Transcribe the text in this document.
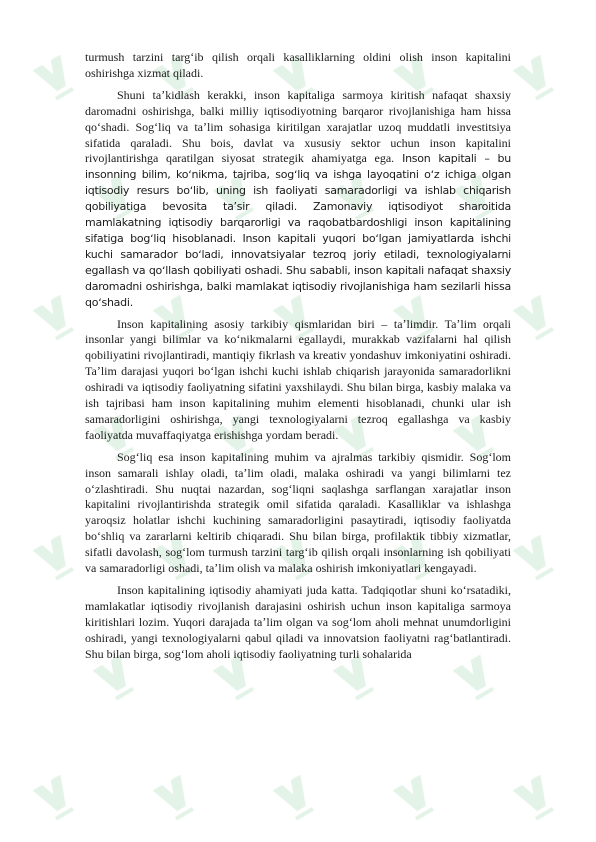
turmush tarzini targʻib qilish orqali kasalliklarning oldini olish inson kapitalini oshirishga xizmat qiladi.

Shuni taʼkidlash kerakki, inson kapitaliga sarmoya kiritish nafaqat shaxsiy daromadni oshirishga, balki milliy iqtisodiyotning barqaror rivojlanishiga ham hissa qoʻshadi. Sogʻliq va taʼlim sohasiga kiritilgan xarajatlar uzoq muddatli investitsiya sifatida qaraladi. Shu bois, davlat va xususiy sektor uchun inson kapitalini rivojlantirishga qaratilgan siyosat strategik ahamiyatga ega. Inson kapitali – bu insonning bilim, koʻnikma, tajriba, sogʻliq va ishga layoqatini oʻz ichiga olgan iqtisodiy resurs boʻlib, uning ish faoliyati samaradorligi va ishlab chiqarish qobiliyatiga bevosita taʼsir qiladi. Zamonaviy iqtisodiyot sharoitida mamlakatning iqtisodiy barqarorligi va raqobatbardoshligi inson kapitalining sifatiga bogʻliq hisoblanadi. Inson kapitali yuqori boʻlgan jamiyatlarda ishchi kuchi samarador boʻladi, innovatsiyalar tezroq joriy etiladi, texnologiyalarni egallash va qoʻllash qobiliyati oshadi. Shu sababli, inson kapitali nafaqat shaxsiy daromadni oshirishga, balki mamlakat iqtisodiy rivojlanishiga ham sezilarli hissa qoʻshadi.

Inson kapitalining asosiy tarkibiy qismlaridan biri – taʼlimdir. Taʼlim orqali insonlar yangi bilimlar va koʻnikmalarni egallaydi, murakkab vazifalarni hal qilish qobiliyatini rivojlantiradi, mantiqiy fikrlash va kreativ yondashuv imkoniyatini oshiradi. Taʼlim darajasi yuqori boʻlgan ishchi kuchi ishlab chiqarish jarayonida samaradorlikni oshiradi va iqtisodiy faoliyatning sifatini yaxshilaydi. Shu bilan birga, kasbiy malaka va ish tajribasi ham inson kapitalining muhim elementi hisoblanadi, chunki ular ish samaradorligini oshirishga, yangi texnologiyalarni tezroq egallashga va kasbiy faoliyatda muvaffaqiyatga erishishga yordam beradi.

Sogʻliq esa inson kapitalining muhim va ajralmas tarkibiy qismidir. Sogʻlom inson samarali ishlay oladi, taʼlim oladi, malaka oshiradi va yangi bilimlarni tez oʻzlashtiradi. Shu nuqtai nazardan, sogʻliqni saqlashga sarflangan xarajatlar inson kapitalini rivojlantirishda strategik omil sifatida qaraladi. Kasalliklar va ishlashga yaroqsiz holatlar ishchi kuchining samaradorligini pasaytiradi, iqtisodiy faoliyatda boʻshliq va zararlarni keltirib chiqaradi. Shu bilan birga, profilaktik tibbiy xizmatlar, sifatli davolash, sogʻlom turmush tarzini targʻib qilish orqali insonlarning ish qobiliyati va samaradorligi oshadi, taʼlim olish va malaka oshirish imkoniyatlari kengayadi.

Inson kapitalining iqtisodiy ahamiyati juda katta. Tadqiqotlar shuni koʻrsatadiki, mamlakatlar iqtisodiy rivojlanish darajasini oshirish uchun inson kapitaliga sarmoya kiritishlari lozim. Yuqori darajada taʼlim olgan va sogʻlom aholi mehnat unumdorligini oshiradi, yangi texnologiyalarni qabul qiladi va innovatsion faoliyatni ragʻbatlantiradi. Shu bilan birga, sogʻlom aholi iqtisodiy faoliyatning turli sohalarida
